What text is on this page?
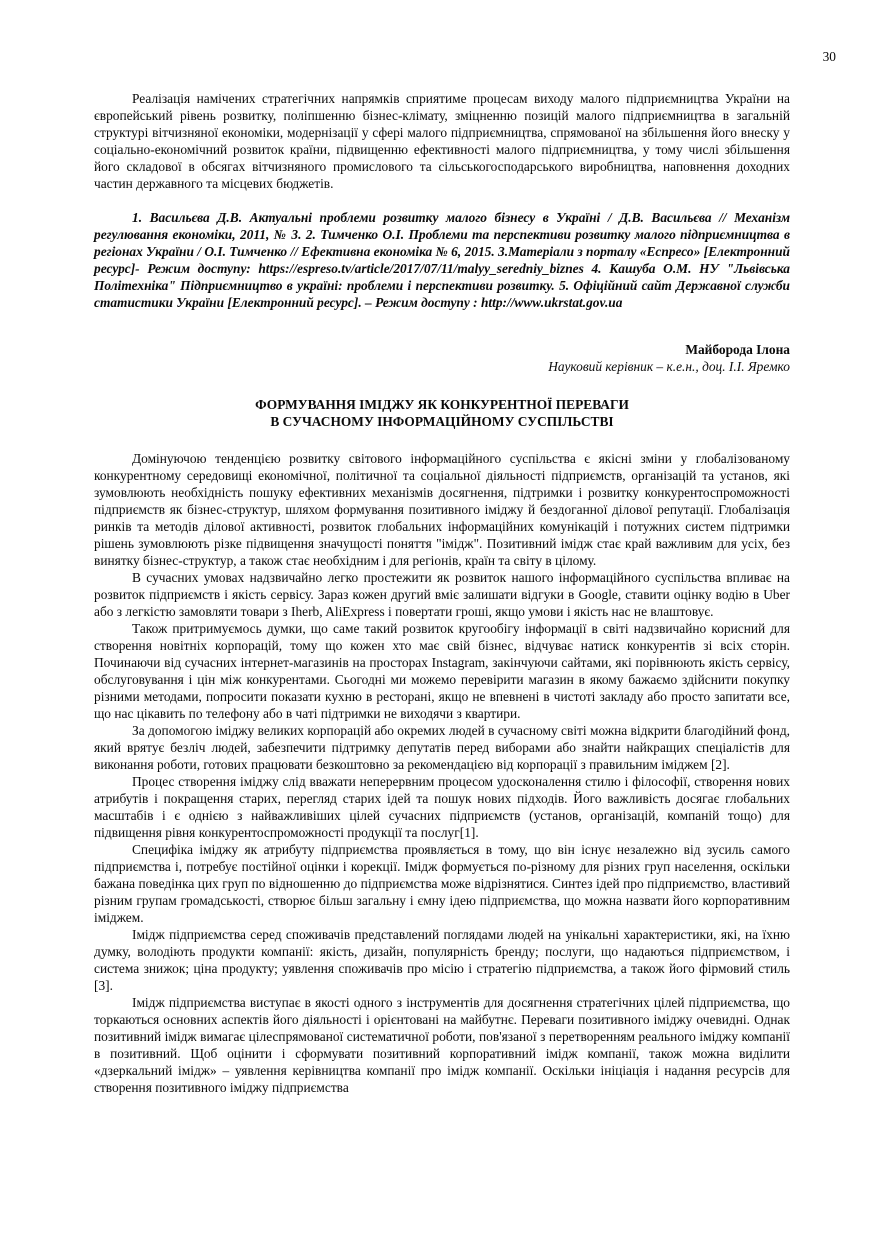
30

Реалізація намічених стратегічних напрямків сприятиме процесам виходу малого підприємництва України на європейський рівень розвитку, поліпшенню бізнес-клімату, зміцненню позицій малого підприємництва в загальній структурі вітчизняної економіки, модернізації у сфері малого підприємництва, спрямованої на збільшення його внеску у соціально-економічний розвиток країни, підвищенню ефективності малого підприємництва, у тому числі збільшення його складової в обсягах вітчизняного промислового та сільськогосподарського виробництва, наповнення доходних частин державного та місцевих бюджетів.

1. Васильєва Д.В. Актуальні проблеми розвитку малого бізнесу в Україні / Д.В. Васильєва // Механізм регулювання економіки, 2011, № 3. 2. Тимченко О.І. Проблеми та перспективи розвитку малого підприємництва в регіонах України / О.І. Тимченко // Ефективна економіка № 6, 2015. 3.Матеріали з порталу «Еспресо» [Електронний ресурс]- Режим доступу: https://espreso.tv/article/2017/07/11/malyy_seredniy_biznes 4. Кашуба О.М. НУ "Львівська Політехніка" Підприємництво в україні: проблеми і перспективи розвитку. 5. Офіційний сайт Державної служби статистики України [Електронний ресурс]. – Режим доступу : http://www.ukrstat.gov.ua

Майборода Ілона
Науковий керівник – к.е.н., доц. І.І. Яремко
ФОРМУВАННЯ ІМІДЖУ ЯК КОНКУРЕНТНОЇ ПЕРЕВАГИ
В СУЧАСНОМУ ІНФОРМАЦІЙНОМУ СУСПІЛЬСТВІ

Домінуючою тенденцією розвитку світового інформаційного суспільства є якісні зміни у глобалізованому конкурентному середовищі економічної, політичної та соціальної діяльності підприємств, організацій та установ, які зумовлюють необхідність пошуку ефективних механізмів досягнення, підтримки і розвитку конкурентоспроможності підприємств як бізнес-структур, шляхом формування позитивного іміджу й бездоганної ділової репутації. Глобалізація ринків та методів ділової активності, розвиток глобальних інформаційних комунікацій і потужних систем підтримки рішень зумовлюють різке підвищення значущості поняття "імідж". Позитивний імідж стає край важливим для усіх, без винятку бізнес-структур, а також стає необхідним і для регіонів, країн та світу в цілому.

В сучасних умовах надзвичайно легко простежити як розвиток нашого інформаційного суспільства впливає на розвиток підприємств і якість сервісу. Зараз кожен другий вміє залишати відгуки в Google, ставити оцінку водію в Uber або з легкістю замовляти товари з Iherb, AliExpress і повертати гроші, якщо умови і якість нас не влаштовує.

Також притримуємось думки, що саме такий розвиток кругообігу інформації в світі надзвичайно корисний для створення новітніх корпорацій, тому що кожен хто має свій бізнес, відчуває натиск конкурентів зі всіх сторін. Починаючи від сучасних інтернет-магазинів на просторах Instagram, закінчуючи сайтами, які порівнюють якість сервісу, обслуговування і цін між конкурентами. Сьогодні ми можемо перевірити магазин в якому бажаємо здійснити покупку різними методами, попросити показати кухню в ресторані, якщо не впевнені в чистоті закладу або просто запитати все, що нас цікавить по телефону або в чаті підтримки не виходячи з квартири.

За допомогою іміджу великих корпорацій або окремих людей в сучасному світі можна відкрити благодійний фонд, який врятує безліч людей, забезпечити підтримку депутатів перед виборами або знайти найкращих спеціалістів для виконання роботи, готових працювати безкоштовно за рекомендацією від корпорації з правильним іміджем [2].

Процес створення іміджу слід вважати неперервним процесом удосконалення стилю і філософії, створення нових атрибутів і покращення старих, перегляд старих ідей та пошук нових підходів. Його важливість досягає глобальних масштабів і є однією з найважливіших цілей сучасних підприємств (установ, організацій, компаній тощо) для підвищення рівня конкурентоспроможності продукції та послуг[1].

Специфіка іміджу як атрибуту підприємства проявляється в тому, що він існує незалежно від зусиль самого підприємства і, потребує постійної оцінки і корекції. Імідж формується по-різному для різних груп населення, оскільки бажана поведінка цих груп по відношенню до підприємства може відрізнятися. Синтез ідей про підприємство, властивий різним групам громадськості, створює більш загальну і ємну ідею підприємства, що можна назвати його корпоративним іміджем.

Імідж підприємства серед споживачів представлений поглядами людей на унікальні характеристики, які, на їхню думку, володіють продукти компанії: якість, дизайн, популярність бренду; послуги, що надаються підприємством, і система знижок; ціна продукту; уявлення споживачів про місію і стратегію підприємства, а також його фірмовий стиль [3].

Імідж підприємства виступає в якості одного з інструментів для досягнення стратегічних цілей підприємства, що торкаються основних аспектів його діяльності і орієнтовані на майбутнє. Переваги позитивного іміджу очевидні. Однак позитивний імідж вимагає цілеспрямованої систематичної роботи, пов'язаної з перетворенням реального іміджу компанії в позитивний. Щоб оцінити і сформувати позитивний корпоративний імідж компанії, також можна виділити «дзеркальний імідж» – уявлення керівництва компанії про імідж компанії. Оскільки ініціація і надання ресурсів для створення позитивного іміджу підприємства
